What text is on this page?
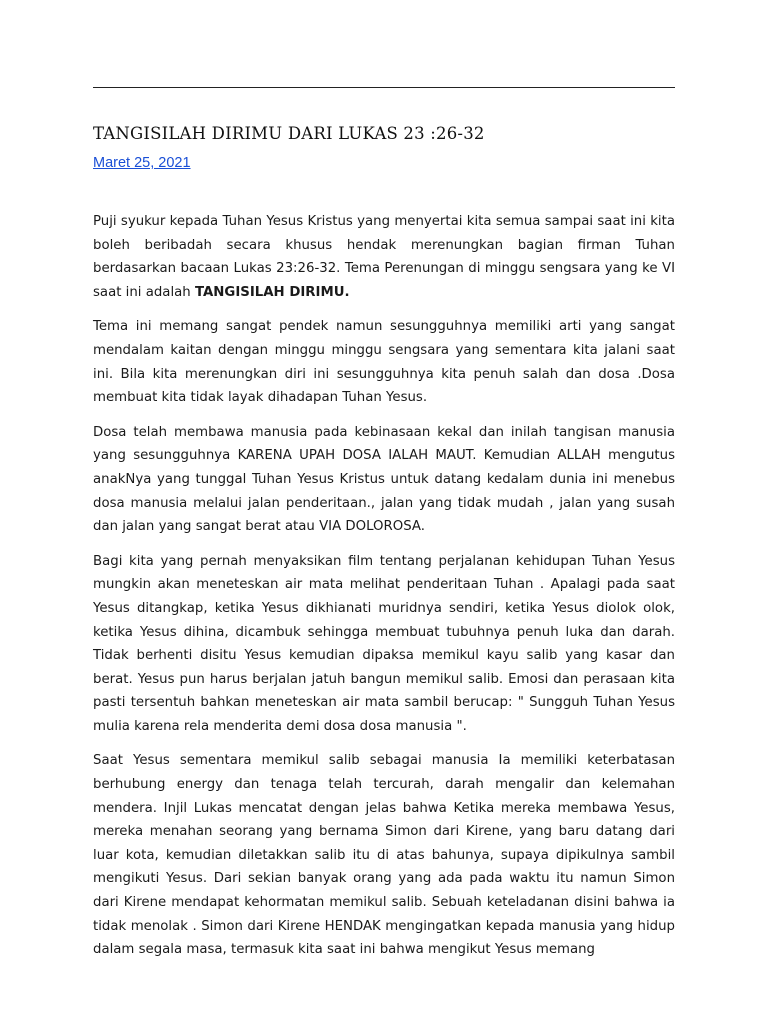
TANGISILAH DIRIMU DARI LUKAS 23 :26-32
Maret 25, 2021

Puji syukur kepada Tuhan Yesus Kristus yang menyertai kita semua sampai saat ini kita boleh beribadah secara khusus hendak merenungkan bagian firman Tuhan berdasarkan bacaan Lukas 23:26-32. Tema Perenungan di minggu sengsara yang ke VI saat ini adalah TANGISILAH DIRIMU.

Tema ini memang sangat pendek namun sesungguhnya memiliki arti yang sangat mendalam kaitan dengan minggu minggu sengsara yang sementara kita jalani saat ini. Bila kita merenungkan diri ini sesungguhnya kita penuh salah dan dosa .Dosa membuat kita tidak layak dihadapan Tuhan Yesus.

Dosa telah membawa manusia pada kebinasaan kekal dan inilah tangisan manusia yang sesungguhnya KARENA UPAH DOSA IALAH MAUT. Kemudian ALLAH mengutus anakNya yang tunggal Tuhan Yesus Kristus untuk datang kedalam dunia ini menebus dosa manusia melalui jalan penderitaan., jalan yang tidak mudah , jalan yang susah dan jalan yang sangat berat atau VIA DOLOROSA.

Bagi kita yang pernah menyaksikan film tentang perjalanan kehidupan Tuhan Yesus mungkin akan meneteskan air mata melihat penderitaan Tuhan . Apalagi pada saat Yesus ditangkap, ketika Yesus dikhianati muridnya sendiri, ketika Yesus diolok olok, ketika Yesus dihina, dicambuk sehingga membuat tubuhnya penuh luka dan darah. Tidak berhenti disitu Yesus kemudian dipaksa memikul kayu salib yang kasar dan berat. Yesus pun harus berjalan jatuh bangun memikul salib. Emosi dan perasaan kita pasti tersentuh bahkan meneteskan air mata sambil berucap: " Sungguh Tuhan Yesus mulia karena rela menderita demi dosa dosa manusia ".

Saat Yesus sementara memikul salib sebagai manusia Ia memiliki keterbatasan berhubung energy dan tenaga telah tercurah, darah mengalir dan kelemahan mendera. Injil Lukas mencatat dengan jelas bahwa Ketika mereka membawa Yesus, mereka menahan seorang yang bernama Simon dari Kirene, yang baru datang dari luar kota, kemudian diletakkan salib itu di atas bahunya, supaya dipikulnya sambil mengikuti Yesus. Dari sekian banyak orang yang ada pada waktu itu namun Simon dari Kirene mendapat kehormatan memikul salib. Sebuah keteladanan disini bahwa ia tidak menolak . Simon dari Kirene HENDAK mengingatkan kepada manusia yang hidup dalam segala masa, termasuk kita saat ini bahwa mengikut Yesus memang
